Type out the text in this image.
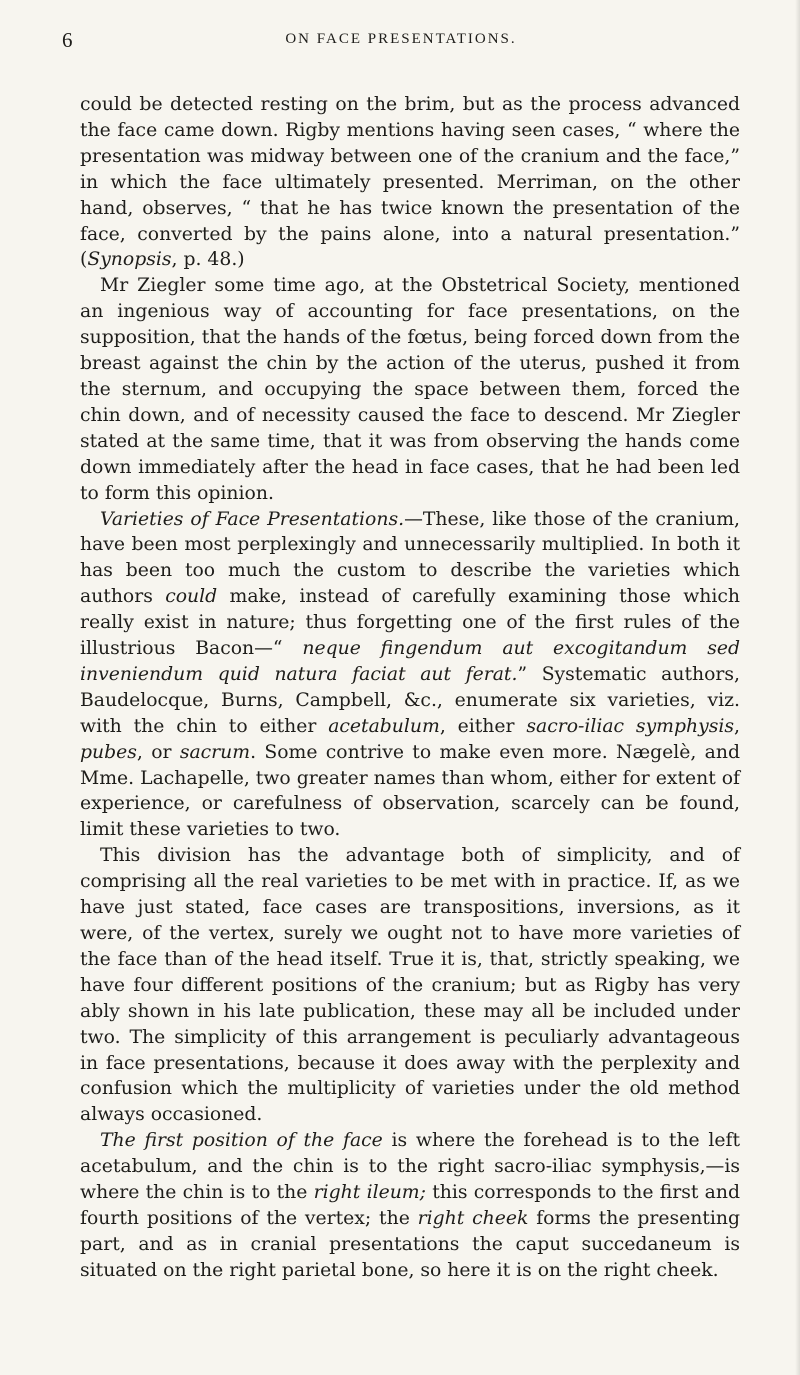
6	ON FACE PRESENTATIONS.

could be detected resting on the brim, but as the process advanced the face came down. Rigby mentions having seen cases, “ where the presentation was midway between one of the cranium and the face,” in which the face ultimately presented. Merriman, on the other hand, observes, “ that he has twice known the presentation of the face, converted by the pains alone, into a natural presentation.” (Synopsis, p. 48.)

Mr Ziegler some time ago, at the Obstetrical Society, mentioned an ingenious way of accounting for face presentations, on the supposition, that the hands of the fœtus, being forced down from the breast against the chin by the action of the uterus, pushed it from the sternum, and occupying the space between them, forced the chin down, and of necessity caused the face to descend. Mr Ziegler stated at the same time, that it was from observing the hands come down immediately after the head in face cases, that he had been led to form this opinion.

Varieties of Face Presentations.—These, like those of the cranium, have been most perplexingly and unnecessarily multiplied. In both it has been too much the custom to describe the varieties which authors could make, instead of carefully examining those which really exist in nature; thus forgetting one of the first rules of the illustrious Bacon—“ neque fingendum aut excogitandum sed inveniendum quid natura faciat aut ferat.” Systematic authors, Baudelocque, Burns, Campbell, &c., enumerate six varieties, viz. with the chin to either acetabulum, either sacro-iliac symphysis, pubes, or sacrum. Some contrive to make even more. Nægelè, and Mme. Lachapelle, two greater names than whom, either for extent of experience, or carefulness of observation, scarcely can be found, limit these varieties to two.

This division has the advantage both of simplicity, and of comprising all the real varieties to be met with in practice. If, as we have just stated, face cases are transpositions, inversions, as it were, of the vertex, surely we ought not to have more varieties of the face than of the head itself. True it is, that, strictly speaking, we have four different positions of the cranium; but as Rigby has very ably shown in his late publication, these may all be included under two. The simplicity of this arrangement is peculiarly advantageous in face presentations, because it does away with the perplexity and confusion which the multiplicity of varieties under the old method always occasioned.

The first position of the face is where the forehead is to the left acetabulum, and the chin is to the right sacro-iliac symphysis,—is where the chin is to the right ileum; this corresponds to the first and fourth positions of the vertex; the right cheek forms the presenting part, and as in cranial presentations the caput succedaneum is situated on the right parietal bone, so here it is on the right cheek.
